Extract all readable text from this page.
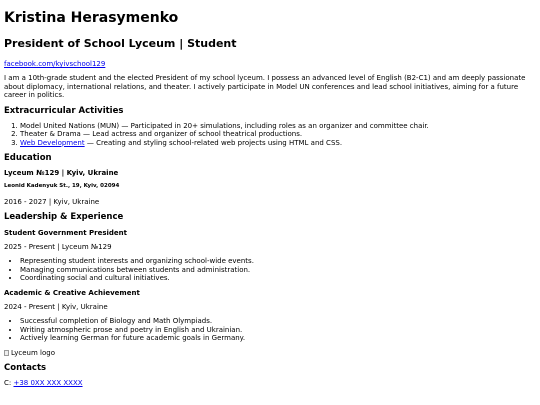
Kristina Herasymenko
President of School Lyceum | Student

facebook.com/kyivschool129

I am a 10th-grade student and the elected President of my school lyceum. I possess an advanced level of English (B2-C1) and am deeply passionate about diplomacy, international relations, and theater. I actively participate in Model UN conferences and lead school initiatives, aiming for a future career in politics.

Extracurricular Activities
1. Model United Nations (MUN) — Participated in 20+ simulations, including roles as an organizer and committee chair.
2. Theater & Drama — Lead actress and organizer of school theatrical productions.
3. Web Development — Creating and styling school-related web projects using HTML and CSS.
Education
Lyceum №129 | Kyiv, Ukraine
Leonid Kadenyuk St., 19, Kyiv, 02094

2016 - 2027 | Kyiv, Ukraine

Leadership & Experience
Student Government President

2025 - Present | Lyceum №129

• Representing student interests and organizing school-wide events.
• Managing communications between students and administration.
• Coordinating social and cultural initiatives.
Academic & Creative Achievement

2024 - Present | Kyiv, Ukraine

• Successful completion of Biology and Math Olympiads.
• Writing atmospheric prose and poetry in English and Ukrainian.
• Actively learning German for future academic goals in Germany.
Lyceum logo
Contacts

C: +38 0XX XXX XXXX
